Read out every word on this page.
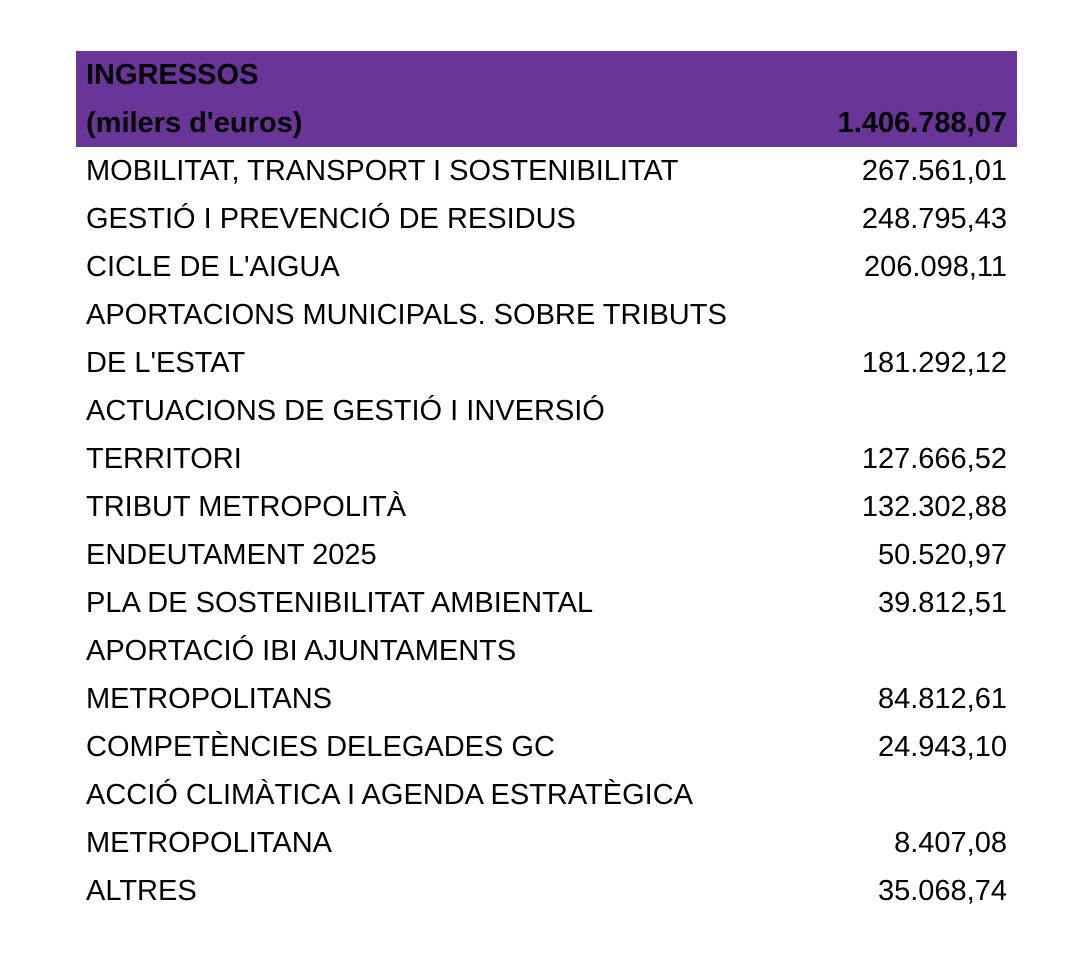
INGRESSOS
(milers d'euros)	1.406.788,07
MOBILITAT, TRANSPORT I SOSTENIBILITAT	267.561,01
GESTIÓ I PREVENCIÓ DE RESIDUS	248.795,43
CICLE DE L'AIGUA	206.098,11
APORTACIONS MUNICIPALS. SOBRE TRIBUTS
DE L'ESTAT	181.292,12
ACTUACIONS DE GESTIÓ I INVERSIÓ
TERRITORI	127.666,52
TRIBUT METROPOLITÀ	132.302,88
ENDEUTAMENT 2025	50.520,97
PLA DE SOSTENIBILITAT AMBIENTAL	39.812,51
APORTACIÓ IBI AJUNTAMENTS
METROPOLITANS	84.812,61
COMPETÈNCIES DELEGADES GC	24.943,10
ACCIÓ CLIMÀTICA I AGENDA ESTRATÈGICA
METROPOLITANA	8.407,08
ALTRES	35.068,74
